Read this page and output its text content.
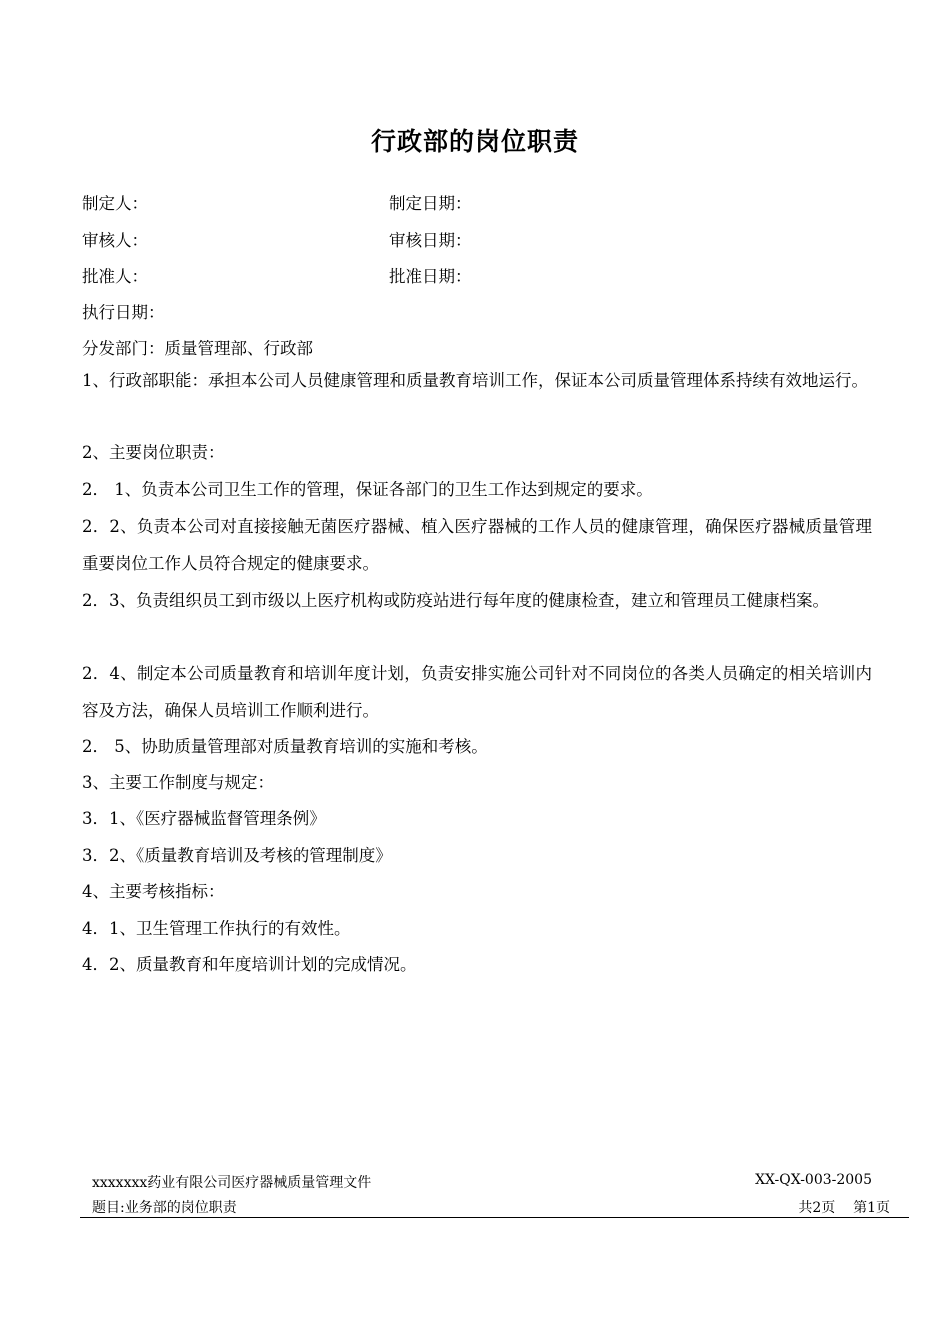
行政部的岗位职责
制定人：	制定日期：
审核人：	审核日期：
批准人：	批准日期：
执行日期：
分发部门：质量管理部、行政部
1、行政部职能：承担本公司人员健康管理和质量教育培训工作，保证本公司质量管理体系持续有效地运行。
2、主要岗位职责：
2． 1、负责本公司卫生工作的管理，保证各部门的卫生工作达到规定的要求。
2．2、负责本公司对直接接触无菌医疗器械、植入医疗器械的工作人员的健康管理，确保医疗器械质量管理重要岗位工作人员符合规定的健康要求。
2．3、负责组织员工到市级以上医疗机构或防疫站进行每年度的健康检查，建立和管理员工健康档案。
2．4、制定本公司质量教育和培训年度计划，负责安排实施公司针对不同岗位的各类人员确定的相关培训内容及方法，确保人员培训工作顺利进行。
2． 5、协助质量管理部对质量教育培训的实施和考核。
3、主要工作制度与规定：
3．1、《医疗器械监督管理条例》
3．2、《质量教育培训及考核的管理制度》
4、主要考核指标：
4．1、卫生管理工作执行的有效性。
4．2、质量教育和年度培训计划的完成情况。
xxxxxxx药业有限公司医疗器械质量管理文件	XX-QX-003-2005
题目:业务部的岗位职责	共2页 第1页
